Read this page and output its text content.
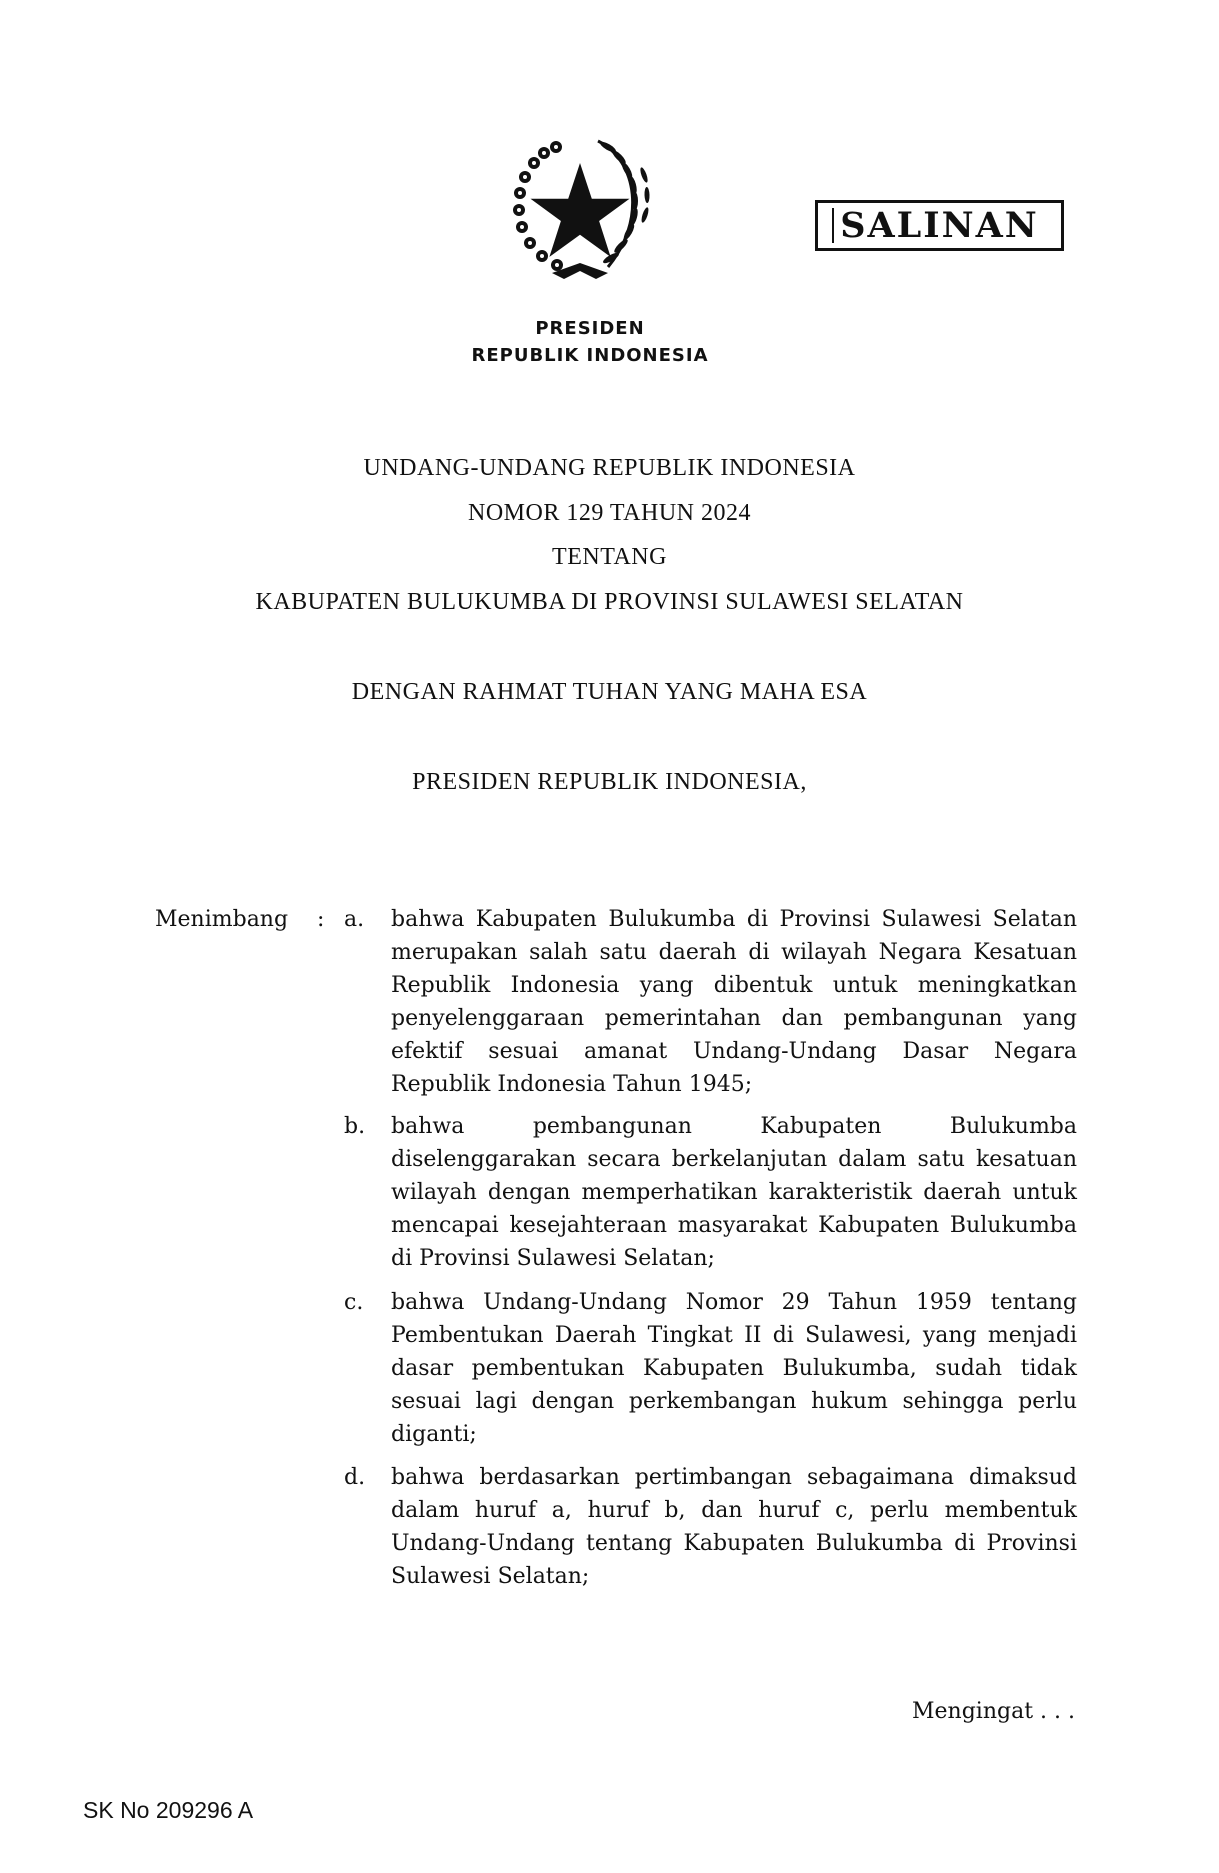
SALINAN
PRESIDEN
REPUBLIK INDONESIA
UNDANG-UNDANG REPUBLIK INDONESIA
NOMOR 129 TAHUN 2024
TENTANG
KABUPATEN BULUKUMBA DI PROVINSI SULAWESI SELATAN
DENGAN RAHMAT TUHAN YANG MAHA ESA
PRESIDEN REPUBLIK INDONESIA,
Menimbang : a. bahwa Kabupaten Bulukumba di Provinsi Sulawesi Selatan merupakan salah satu daerah di wilayah Negara Kesatuan Republik Indonesia yang dibentuk untuk meningkatkan penyelenggaraan pemerintahan dan pembangunan yang efektif sesuai amanat Undang-Undang Dasar Negara Republik Indonesia Tahun 1945;
b. bahwa pembangunan Kabupaten Bulukumba diselenggarakan secara berkelanjutan dalam satu kesatuan wilayah dengan memperhatikan karakteristik daerah untuk mencapai kesejahteraan masyarakat Kabupaten Bulukumba di Provinsi Sulawesi Selatan;
c. bahwa Undang-Undang Nomor 29 Tahun 1959 tentang Pembentukan Daerah Tingkat II di Sulawesi, yang menjadi dasar pembentukan Kabupaten Bulukumba, sudah tidak sesuai lagi dengan perkembangan hukum sehingga perlu diganti;
d. bahwa berdasarkan pertimbangan sebagaimana dimaksud dalam huruf a, huruf b, dan huruf c, perlu membentuk Undang-Undang tentang Kabupaten Bulukumba di Provinsi Sulawesi Selatan;
Mengingat . . .
SK No 209296 A
